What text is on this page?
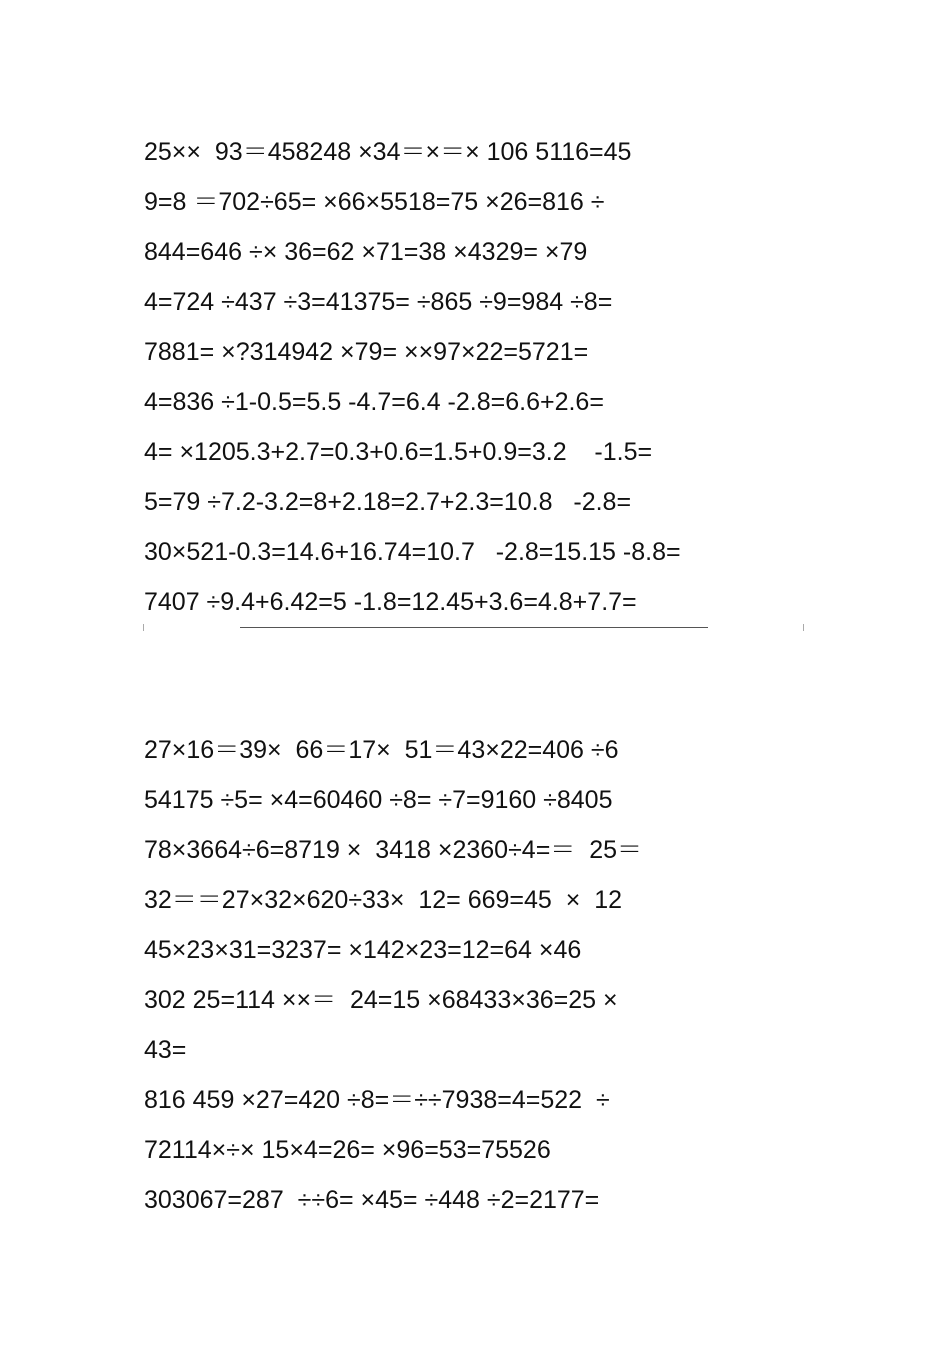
25××  93＝458248 ×34＝×＝× 106 5116=45
9=8 ＝702÷65= ×66×5518=75 ×26=816 ÷
844=646 ÷× 36=62 ×71=38 ×4329= ×79
4=724 ÷437 ÷3=41375= ÷865 ÷9=984 ÷8=
7881= ×?314942 ×79= ××97×22=5721=
4=836 ÷1-0.5=5.5 -4.7=6.4 -2.8=6.6+2.6=
4= ×1205.3+2.7=0.3+0.6=1.5+0.9=3.2    -1.5=
5=79 ÷7.2-3.2=8+2.18=2.7+2.3=10.8   -2.8=
30×521-0.3=14.6+16.74=10.7   -2.8=15.15 -8.8=
7407 ÷9.4+6.42=5 -1.8=12.45+3.6=4.8+7.7=
27×16＝39×  66＝17×  51＝43×22=406 ÷6
54175 ÷5= ×4=60460 ÷8= ÷7=9160 ÷8405
78×3664÷6=8719 ×  3418 ×2360÷4=＝  25＝
32＝＝27×32×620÷33×  12= 669=45  ×  12
45×23×31=3237= ×142×23=12=64 ×46
302 25=114 ××＝  24=15 ×68433×36=25 ×
43=
816 459 ×27=420 ÷8=＝÷÷7938=4=522  ÷
72114×÷× 15×4=26= ×96=53=75526
303067=287  ÷÷6= ×45= ÷448 ÷2=2177=
